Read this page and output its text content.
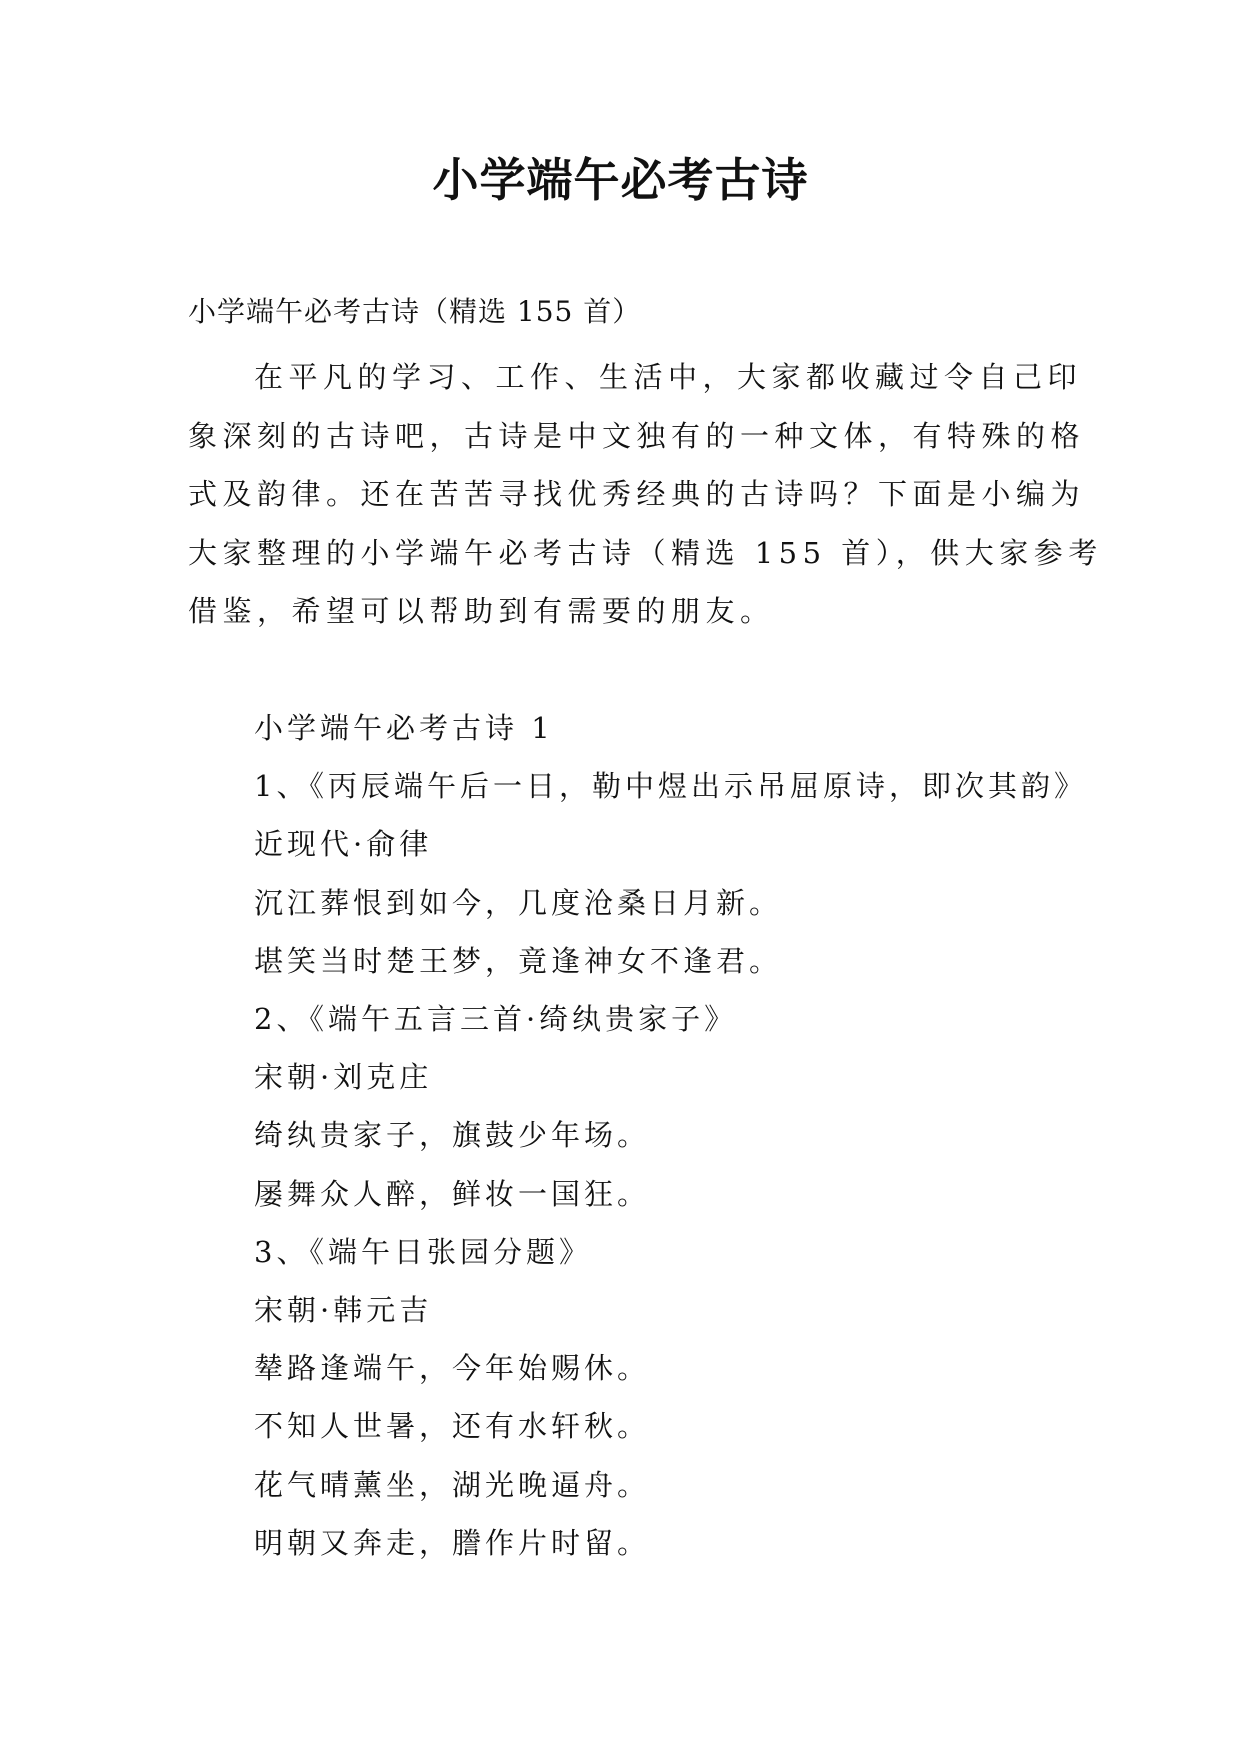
小学端午必考古诗
小学端午必考古诗（精选 155 首）
在平凡的学习、工作、生活中，大家都收藏过令自己印
象深刻的古诗吧，古诗是中文独有的一种文体，有特殊的格
式及韵律。还在苦苦寻找优秀经典的古诗吗？下面是小编为
大家整理的小学端午必考古诗（精选 155 首），供大家参考
借鉴，希望可以帮助到有需要的朋友。
小学端午必考古诗 1
1、《丙辰端午后一日，勒中煜出示吊屈原诗，即次其韵》
近现代·俞律
沉江葬恨到如今，几度沧桑日月新。
堪笑当时楚王梦，竟逢神女不逢君。
2、《端午五言三首·绮纨贵家子》
宋朝·刘克庄
绮纨贵家子，旗鼓少年场。
屡舞众人醉，鲜妆一国狂。
3、《端午日张园分题》
宋朝·韩元吉
辇路逢端午，今年始赐休。
不知人世暑，还有水轩秋。
花气晴薰坐，湖光晚逼舟。
明朝又奔走，謄作片时留。
